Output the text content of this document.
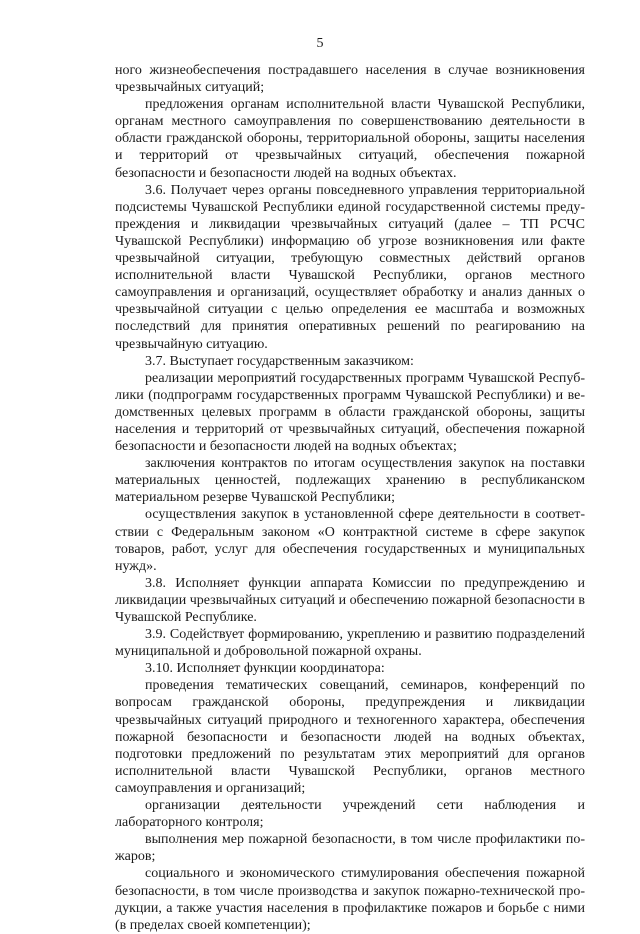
5

ного жизнеобеспечения пострадавшего населения в случае возникновения чрезвычайных ситуаций;

предложения органам исполнительной власти Чувашской Республики, органам местного самоуправления по совершенствованию деятельности в области гражданской обороны, территориальной обороны, защиты населения и территорий от чрезвычайных ситуаций, обеспечения пожарной безопасности и безопасности людей на водных объектах.

3.6. Получает через органы повседневного управления территориальной подсистемы Чувашской Республики единой государственной системы предупреждения и ликвидации чрезвычайных ситуаций (далее – ТП РСЧС Чувашской Республики) информацию об угрозе возникновения или факте чрезвычайной ситуации, требующую совместных действий органов исполнительной власти Чувашской Республики, органов местного самоуправления и организаций, осуществляет обработку и анализ данных о чрезвычайной ситуации с целью определения ее масштаба и возможных последствий для принятия оперативных решений по реагированию на чрезвычайную ситуацию.

3.7. Выступает государственным заказчиком:

реализации мероприятий государственных программ Чувашской Республики (подпрограмм государственных программ Чувашской Республики) и ведомственных целевых программ в области гражданской обороны, защиты населения и территорий от чрезвычайных ситуаций, обеспечения пожарной безопасности и безопасности людей на водных объектах;

заключения контрактов по итогам осуществления закупок на поставки материальных ценностей, подлежащих хранению в республиканском материальном резерве Чувашской Республики;

осуществления закупок в установленной сфере деятельности в соответствии с Федеральным законом «О контрактной системе в сфере закупок товаров, работ, услуг для обеспечения государственных и муниципальных нужд».

3.8. Исполняет функции аппарата Комиссии по предупреждению и ликвидации чрезвычайных ситуаций и обеспечению пожарной безопасности в Чувашской Республике.

3.9. Содействует формированию, укреплению и развитию подразделений муниципальной и добровольной пожарной охраны.

3.10. Исполняет функции координатора:

проведения тематических совещаний, семинаров, конференций по вопросам гражданской обороны, предупреждения и ликвидации чрезвычайных ситуаций природного и техногенного характера, обеспечения пожарной безопасности и безопасности людей на водных объектах, подготовки предложений по результатам этих мероприятий для органов исполнительной власти Чувашской Республики, органов местного самоуправления и организаций;

организации деятельности учреждений сети наблюдения и лабораторного контроля;

выполнения мер пожарной безопасности, в том числе профилактики пожаров;

социального и экономического стимулирования обеспечения пожарной безопасности, в том числе производства и закупок пожарно-технической продукции, а также участия населения в профилактике пожаров и борьбе с ними (в пределах своей компетенции);
